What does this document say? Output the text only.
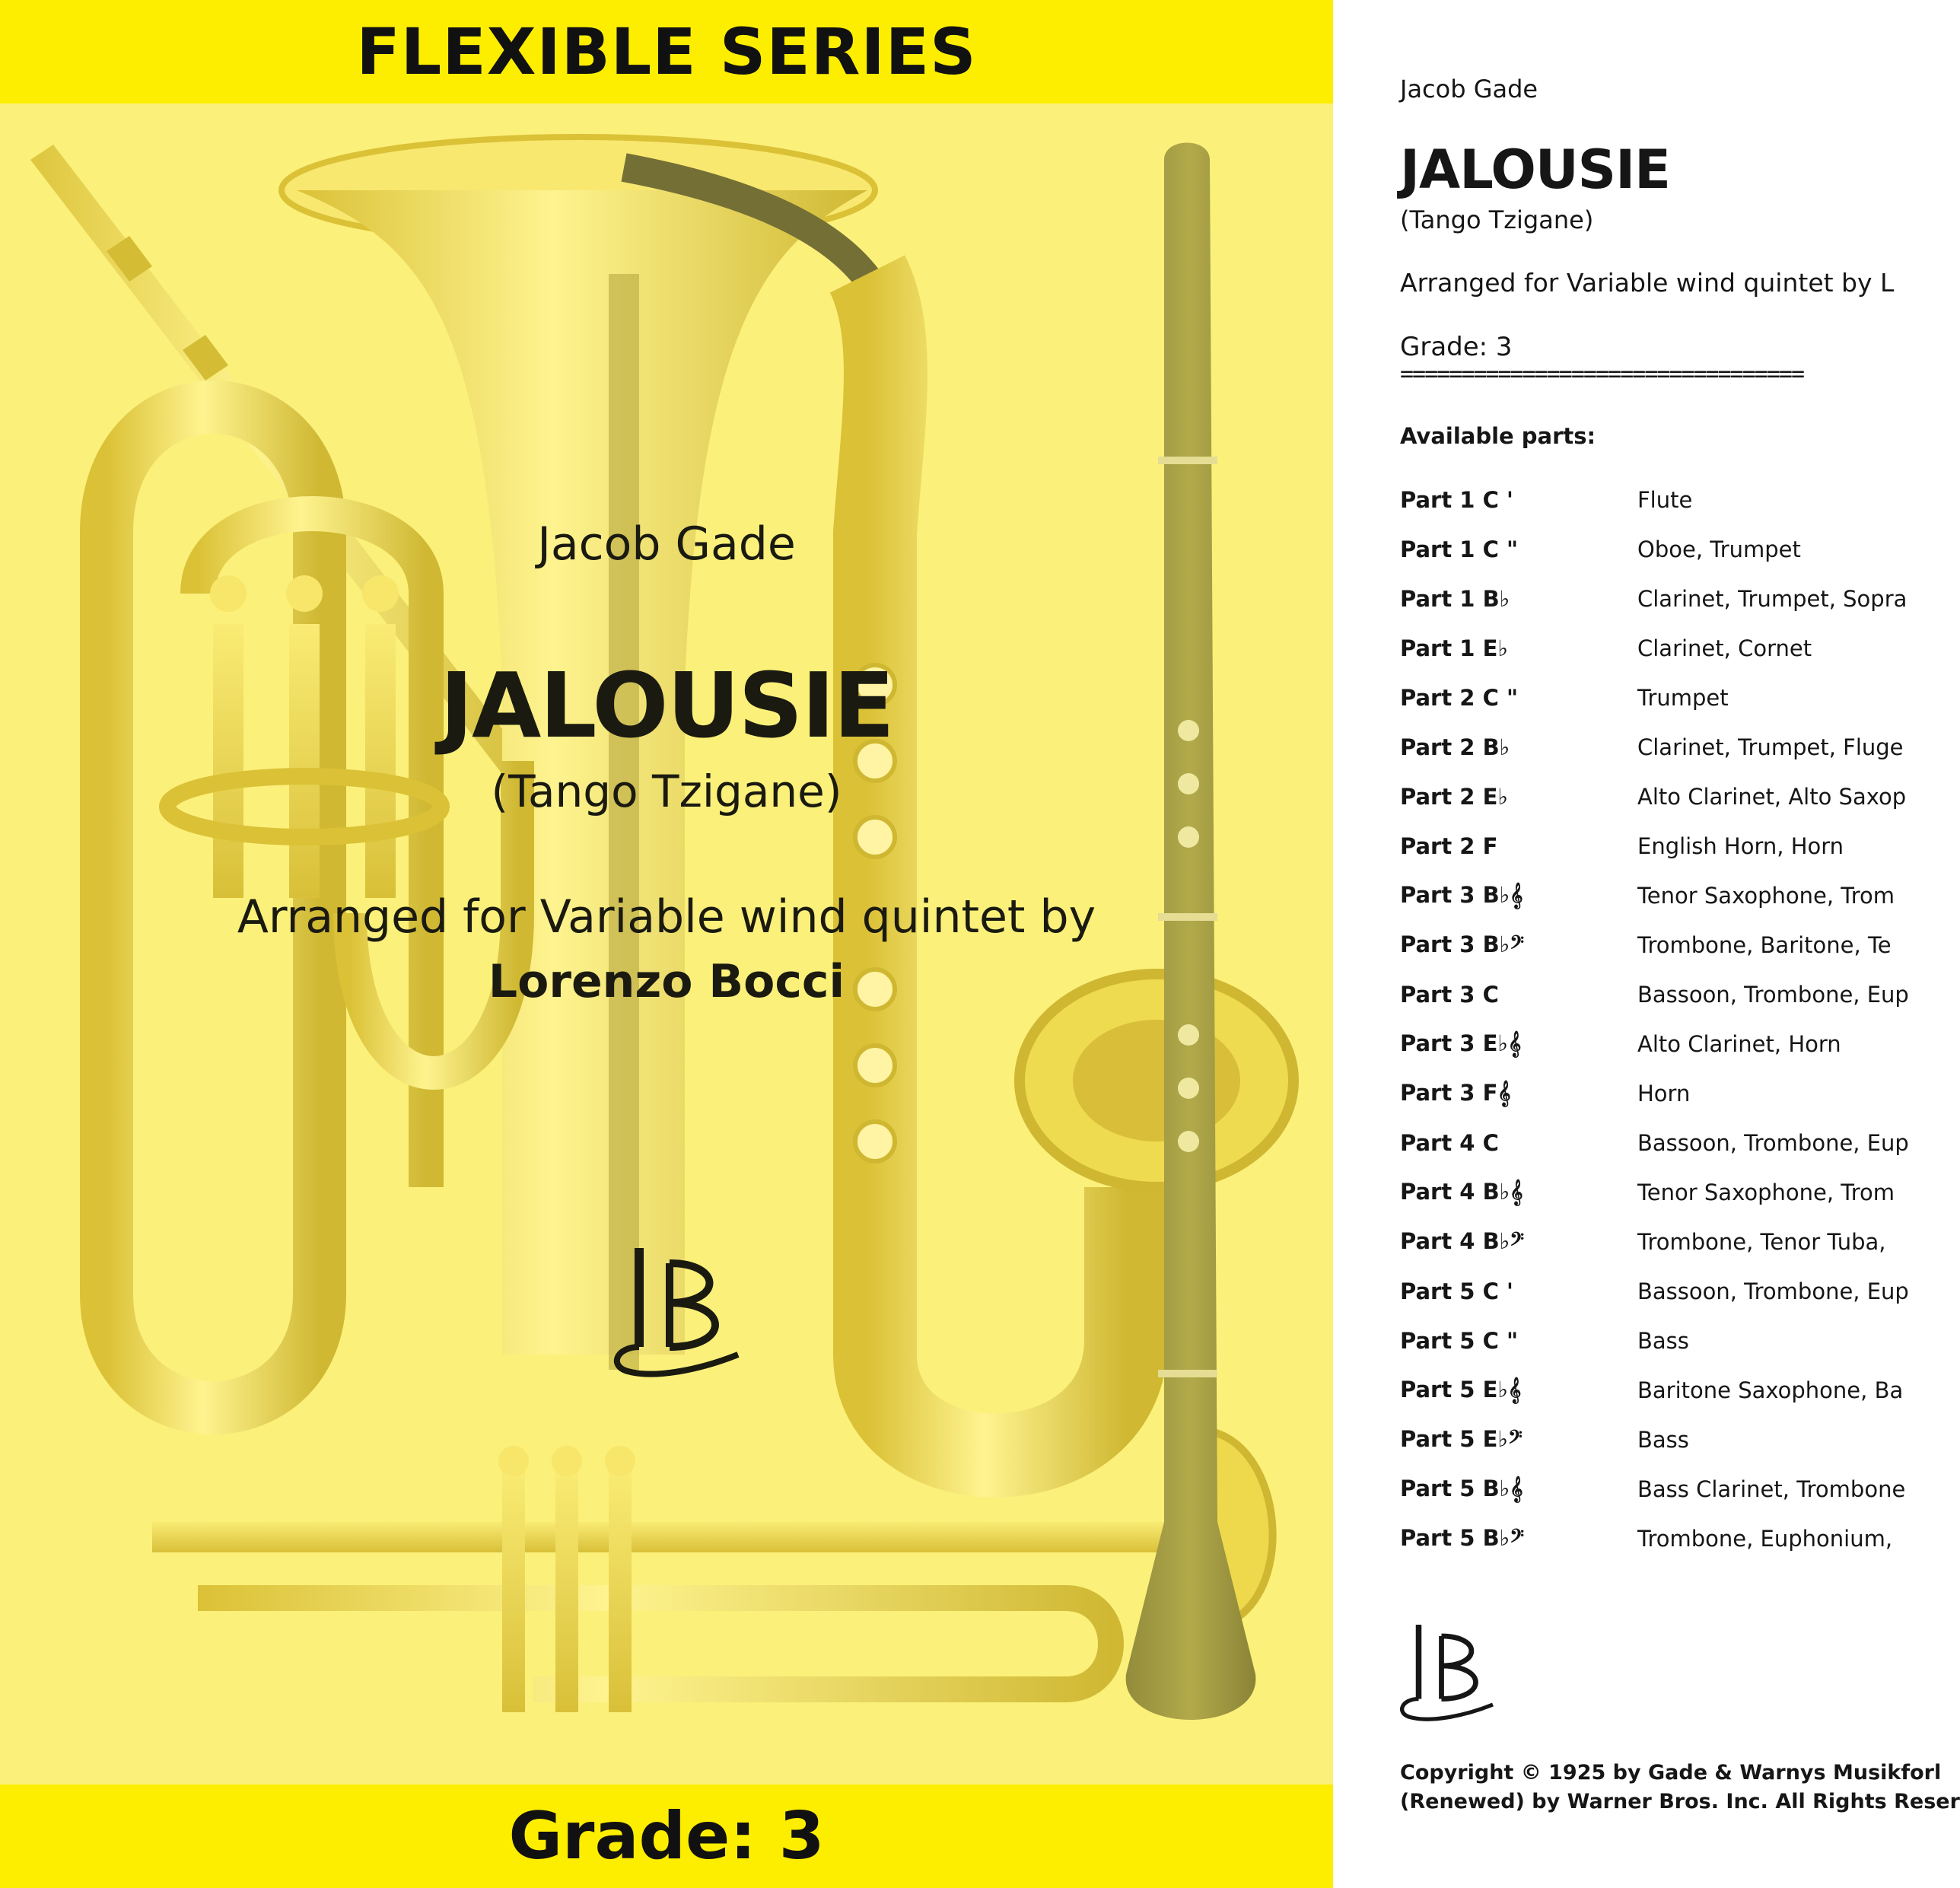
FLEXIBLE SERIES
Jacob Gade
JALOUSIE
(Tango Tzigane)
Arranged for Variable wind quintet by
Lorenzo Bocci
Grade: 3
Jacob Gade
JALOUSIE
(Tango Tzigane)
Arranged for Variable wind quintet by L
Grade: 3
=================================
Available parts:
Part 1 C '	Flute
Part 1 C "	Oboe, Trumpet
Part 1 B♭	Clarinet, Trumpet, Sopra
Part 1 E♭	Clarinet, Cornet
Part 2 C "	Trumpet
Part 2 B♭	Clarinet, Trumpet, Fluge
Part 2 E♭	Alto Clarinet, Alto Saxop
Part 2 F	English Horn, Horn
Part 3 B♭𝄞	Tenor Saxophone, Trom
Part 3 B♭𝄢	Trombone, Baritone, Te
Part 3 C	Bassoon, Trombone, Eup
Part 3 E♭𝄞	Alto Clarinet, Horn
Part 3 F𝄞	Horn
Part 4 C	Bassoon, Trombone, Eup
Part 4 B♭𝄞	Tenor Saxophone, Trom
Part 4 B♭𝄢	Trombone, Tenor Tuba,
Part 5 C '	Bassoon, Trombone, Eup
Part 5 C "	Bass
Part 5 E♭𝄞	Baritone Saxophone, Ba
Part 5 E♭𝄢	Bass
Part 5 B♭𝄞	Bass Clarinet, Trombone
Part 5 B♭𝄢	Trombone, Euphonium,
Copyright © 1925 by Gade & Warnys Musikforl
(Renewed) by Warner Bros. Inc. All Rights Reser
